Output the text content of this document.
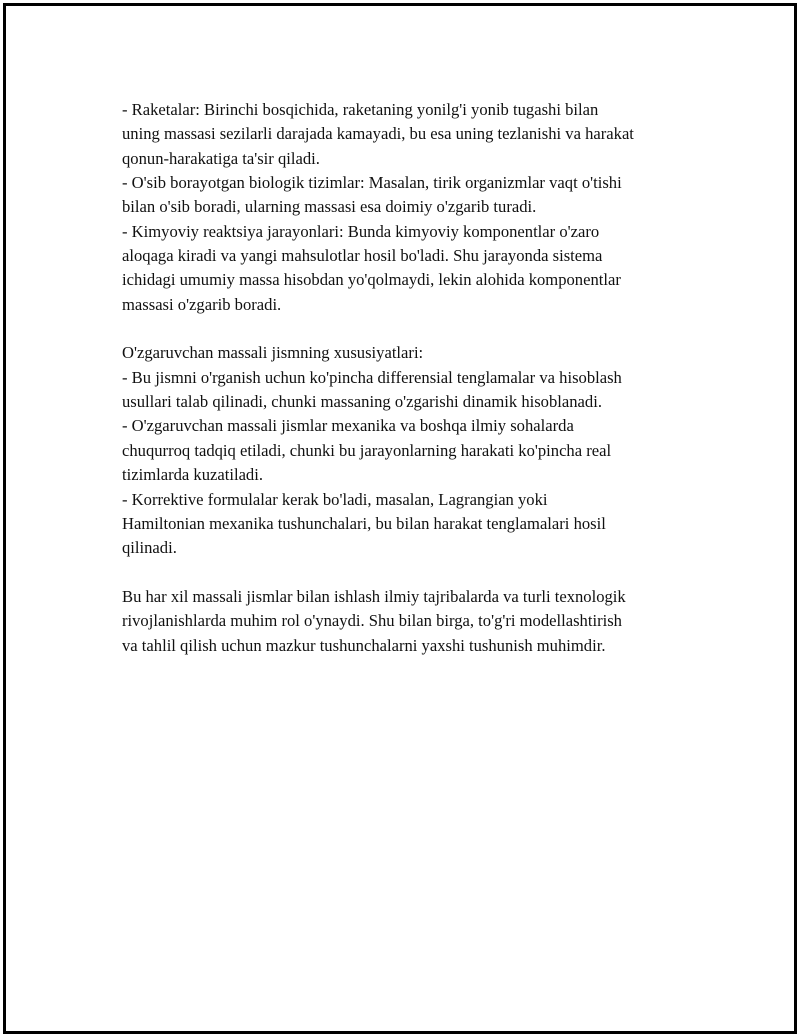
- Raketalar: Birinchi bosqichida, raketaning yonilg'i yonib tugashi bilan
uning massasi sezilarli darajada kamayadi, bu esa uning tezlanishi va harakat
qonun-harakatiga ta'sir qiladi.
- O'sib borayotgan biologik tizimlar: Masalan, tirik organizmlar vaqt o'tishi
bilan o'sib boradi, ularning massasi esa doimiy o'zgarib turadi.
- Kimyoviy reaktsiya jarayonlari: Bunda kimyoviy komponentlar o'zaro
aloqaga kiradi va yangi mahsulotlar hosil bo'ladi. Shu jarayonda sistema
ichidagi umumiy massa hisobdan yo'qolmaydi, lekin alohida komponentlar
massasi o'zgarib boradi.
O'zgaruvchan massali jismning xususiyatlari:
- Bu jismni o'rganish uchun ko'pincha differensial tenglamalar va hisoblash
usullari talab qilinadi, chunki massaning o'zgarishi dinamik hisoblanadi.
- O'zgaruvchan massali jismlar mexanika va boshqa ilmiy sohalarda
chuqurroq tadqiq etiladi, chunki bu jarayonlarning harakati ko'pincha real
tizimlarda kuzatiladi.
- Korrektive formulalar kerak bo'ladi, masalan, Lagrangian yoki
Hamiltonian mexanika tushunchalari, bu bilan harakat tenglamalari hosil
qilinadi.
Bu har xil massali jismlar bilan ishlash ilmiy tajribalarda va turli texnologik
rivojlanishlarda muhim rol o'ynaydi. Shu bilan birga, to'g'ri modellashtirish
va tahlil qilish uchun mazkur tushunchalarni yaxshi tushunish muhimdir.
